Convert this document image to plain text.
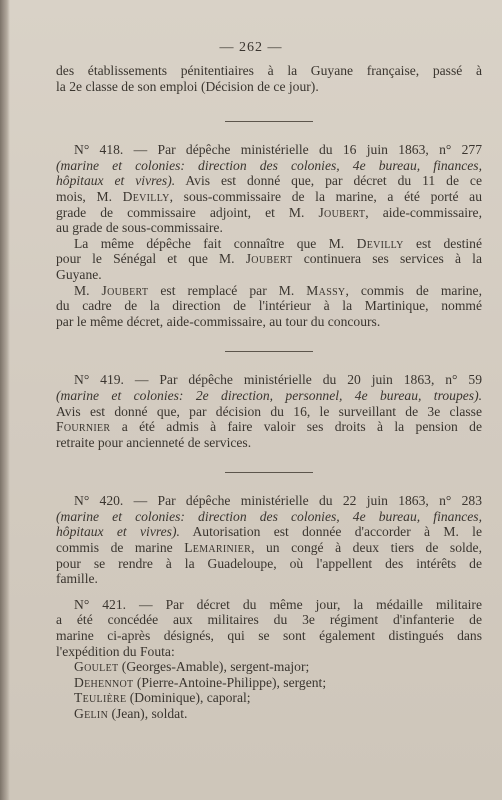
— 262 —
des établissements pénitentiaires à la Guyane française, passé à
la 2e classe de son emploi (Décision de ce jour).
N° 418. — Par dépêche ministérielle du 16 juin 1863, n° 277
(marine et colonies: direction des colonies, 4e bureau, finances,
hôpitaux et vivres). Avis est donné que, par décret du 11 de ce
mois, M. Devilly, sous-commissaire de la marine, a été porté au
grade de commissaire adjoint, et M. Joubert, aide-commissaire,
au grade de sous-commissaire.
La même dépêche fait connaître que M. Devilly est destiné
pour le Sénégal et que M. Joubert continuera ses services à la
Guyane.
M. Joubert est remplacé par M. Massy, commis de marine,
du cadre de la direction de l'intérieur à la Martinique, nommé
par le même décret, aide-commissaire, au tour du concours.
N° 419. — Par dépêche ministérielle du 20 juin 1863, n° 59
(marine et colonies: 2e direction, personnel, 4e bureau, troupes).
Avis est donné que, par décision du 16, le surveillant de 3e classe
Fournier a été admis à faire valoir ses droits à la pension de
retraite pour ancienneté de services.
N° 420. — Par dépêche ministérielle du 22 juin 1863, n° 283
(marine et colonies: direction des colonies, 4e bureau, finances,
hôpitaux et vivres). Autorisation est donnée d'accorder à M. le
commis de marine Lemarinier, un congé à deux tiers de solde,
pour se rendre à la Guadeloupe, où l'appellent des intérêts de
famille.
N° 421. — Par décret du même jour, la médaille militaire
a été concédée aux militaires du 3e régiment d'infanterie de
marine ci-après désignés, qui se sont également distingués dans
l'expédition du Fouta:
Goulet (Georges-Amable), sergent-major;
Dehennot (Pierre-Antoine-Philippe), sergent;
Teulière (Dominique), caporal;
Gelin (Jean), soldat.
